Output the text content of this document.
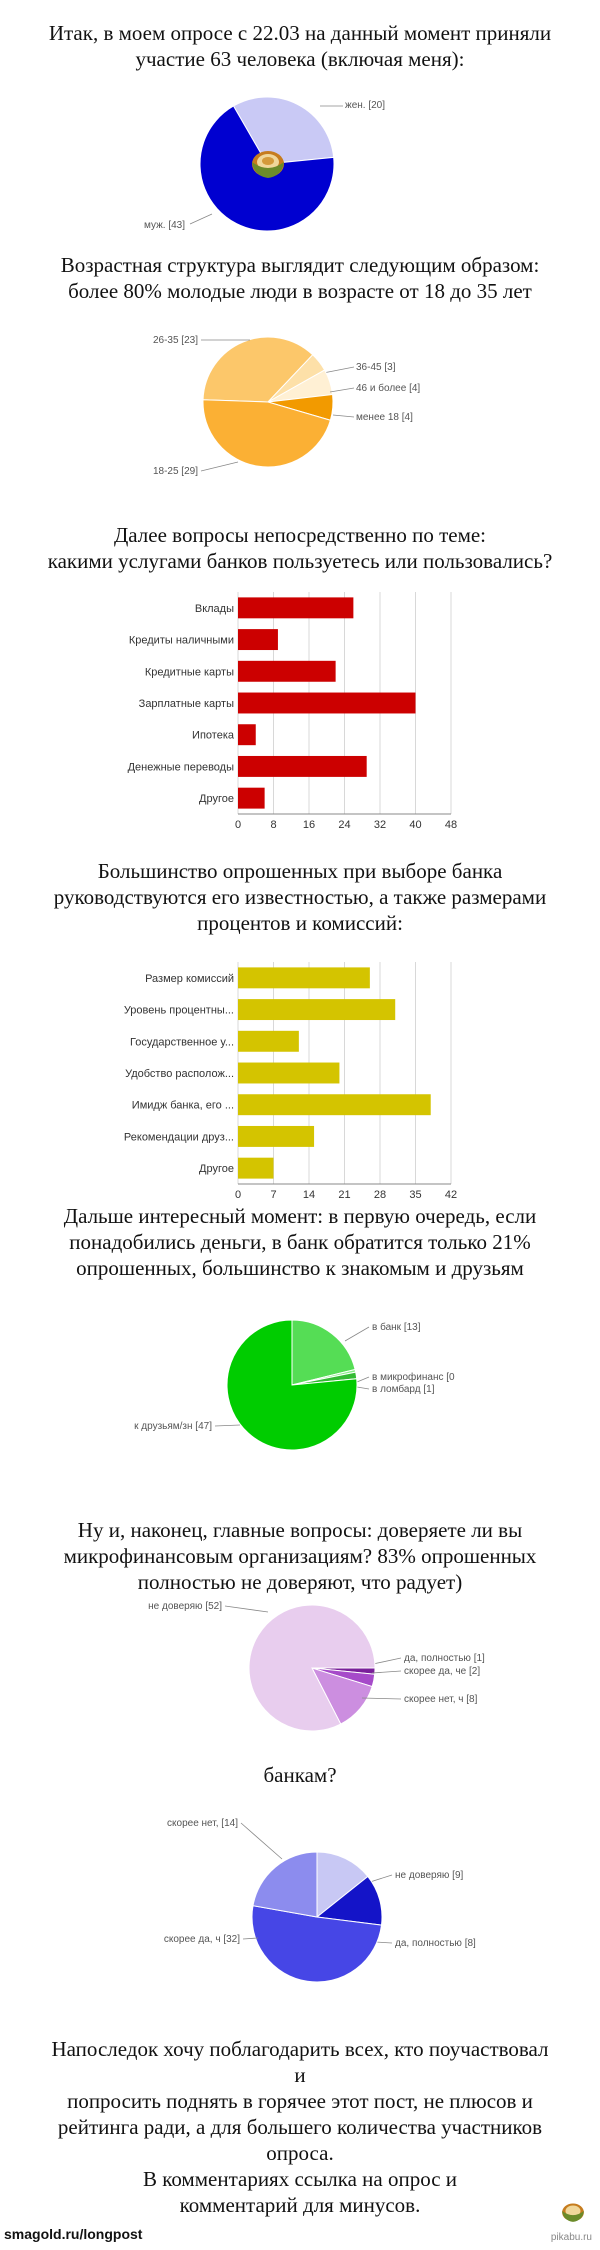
Итак, в моем опросе с 22.03 на данный момент приняли
участие 63 человека (включая меня):
Возрастная структура выглядит следующим образом:
более 80% молодые люди в возрасте от 18 до 35 лет
Далее вопросы непосредственно по теме:
какими услугами банков пользуетесь или пользовались?
Большинство опрошенных при выборе банка
руководствуются его известностью, а также размерами
процентов и комиссий:
Дальше интересный момент: в первую очередь, если
понадобились деньги, в банк обратится только 21%
опрошенных, большинство к знакомым и друзьям
Ну и, наконец, главные вопросы: доверяете ли вы
микрофинансовым организациям? 83% опрошенных
полностью не доверяют, что радует)
банкам?
Напоследок хочу поблагодарить всех, кто поучаствовал
и
попросить поднять в горячее этот пост, не плюсов и
рейтинга ради, а для большего количества участников
опроса.
В комментариях ссылка на опрос и
комментарий для минусов.
жен. [20]
муж. [43]
26-35 [23]
36-45 [3]
46 и более [4]
менее 18 [4]
18-25 [29]
0	8 16 24 32 40 48
Вклады
Кредиты наличными
Кредитные карты
Зарплатные карты
Ипотека
Денежные переводы
Другое
0	7 14 21 28 35 42
Размер комиссий
Уровень процентны...
Государственное у...
Удобство располож...
Имидж банка, его ...
Рекомендации друз...
Другое
в банк [13]
в микрофинанс [0
в ломбард [1]
к друзьям/зн [47]
да, полностью [1]
скорее да, че [2]
скорее нет, ч [8]
не доверяю [52]
не доверяю [9]
да, полностью [8]
скорее да, ч [32]
скорее нет, [14]
smagold.ru/longpost	pikabu.ru
